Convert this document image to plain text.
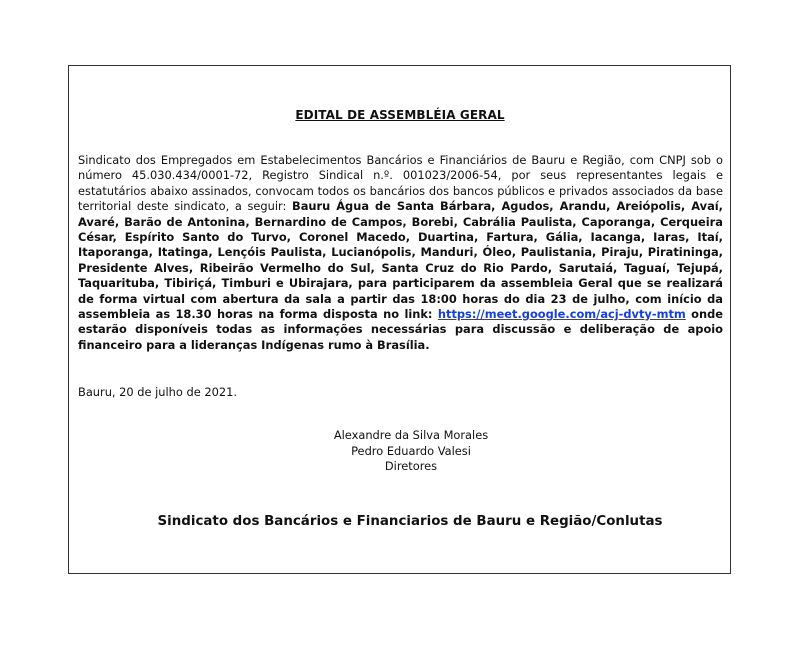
EDITAL DE ASSEMBLÉIA GERAL
Sindicato dos Empregados em Estabelecimentos Bancários e Financiários de Bauru e Região, com CNPJ sob o número 45.030.434/0001-72, Registro Sindical n.º. 001023/2006-54, por seus representantes legais e estatutários abaixo assinados, convocam todos os bancários dos bancos públicos e privados associados da base territorial deste sindicato, a seguir: Bauru Água de Santa Bárbara, Agudos, Arandu, Areiópolis, Avaí, Avaré, Barão de Antonina, Bernardino de Campos, Borebi, Cabrália Paulista, Caporanga, Cerqueira César, Espírito Santo do Turvo, Coronel Macedo, Duartina, Fartura, Gália, Iacanga, Iaras, Itaí, Itaporanga, Itatinga, Lençóis Paulista, Lucianópolis, Manduri, Óleo, Paulistania, Piraju, Piratininga, Presidente Alves, Ribeirão Vermelho do Sul, Santa Cruz do Rio Pardo, Sarutaiá, Taguaí, Tejupá, Taquarituba, Tibiriçá, Timburi e Ubirajara, para participarem da assembleia Geral que se realizará de forma virtual com abertura da sala a partir das 18:00 horas do dia 23 de julho, com início da assembleia as 18.30 horas na forma disposta no link: https://meet.google.com/acj-dvty-mtm onde estarão disponíveis todas as informações necessárias para discussão e deliberação de apoio financeiro para a lideranças Indígenas rumo à Brasília.
Bauru, 20 de julho de 2021.
Alexandre da Silva Morales
Pedro Eduardo Valesi
Diretores
Sindicato dos Bancários e Financiarios de Bauru e Região/Conlutas
